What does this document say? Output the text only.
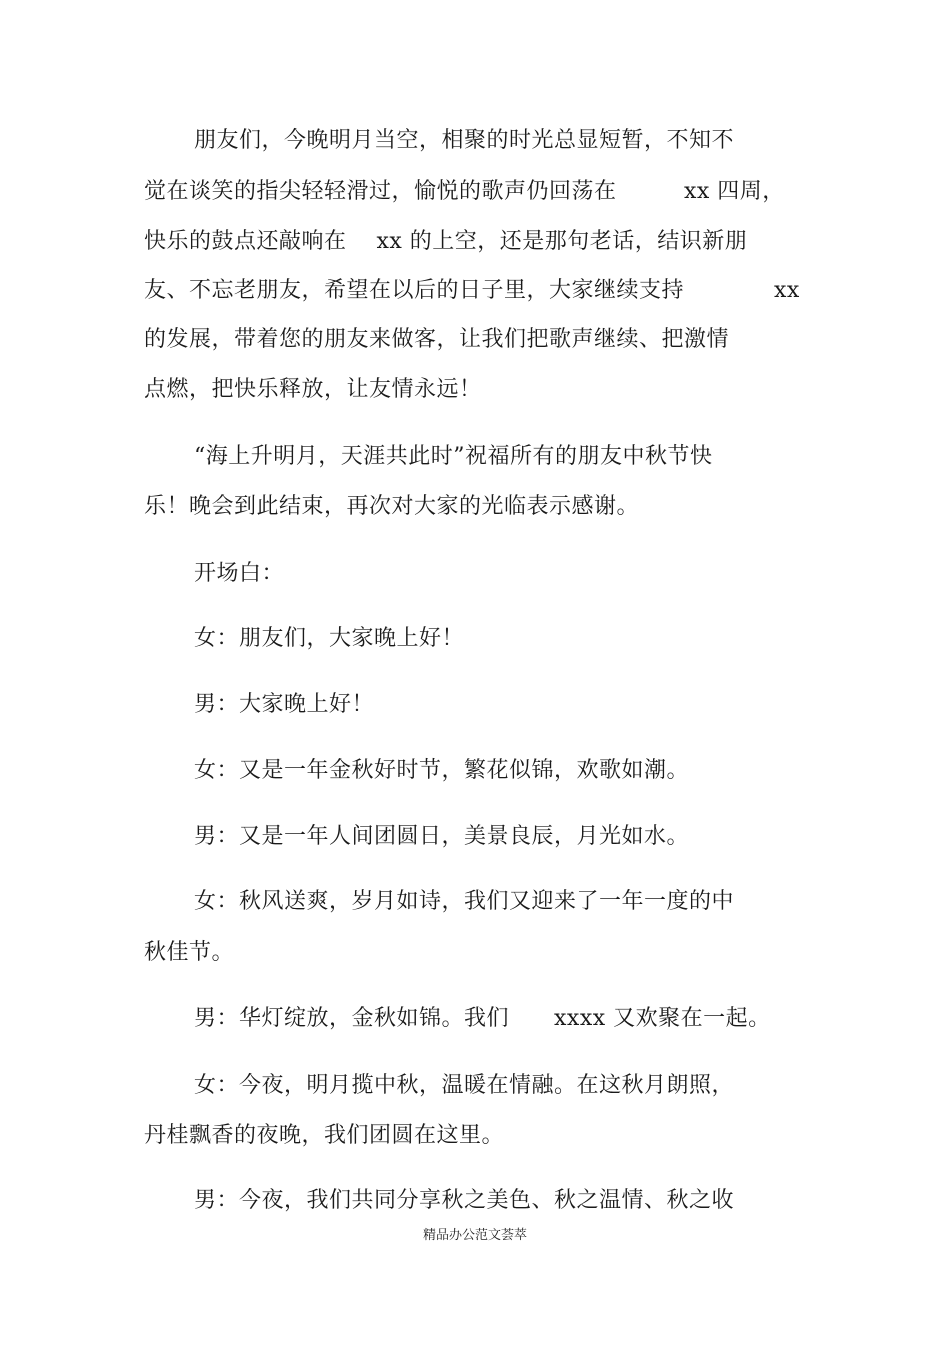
朋友们，今晚明月当空，相聚的时光总显短暂，不知不
觉在谈笑的指尖轻轻滑过，愉悦的歌声仍回荡在　　　xx 四周，
快乐的鼓点还敲响在　 xx 的上空，还是那句老话，结识新朋
友、不忘老朋友，希望在以后的日子里，大家继续支持　　　　xx
的发展，带着您的朋友来做客，让我们把歌声继续、把激情
点燃，把快乐释放，让友情永远！
“海上升明月，天涯共此时”祝福所有的朋友中秋节快
乐！晚会到此结束，再次对大家的光临表示感谢。
开场白：
女：朋友们，大家晚上好！
男：大家晚上好！
女：又是一年金秋好时节，繁花似锦，欢歌如潮。
男：又是一年人间团圆日，美景良辰，月光如水。
女：秋风送爽，岁月如诗，我们又迎来了一年一度的中
秋佳节。
男：华灯绽放，金秋如锦。我们　　xxxx 又欢聚在一起。
女：今夜，明月揽中秋，温暖在情融。在这秋月朗照，
丹桂飘香的夜晚，我们团圆在这里。
男：今夜，我们共同分享秋之美色、秋之温情、秋之收
精品办公范文荟萃
